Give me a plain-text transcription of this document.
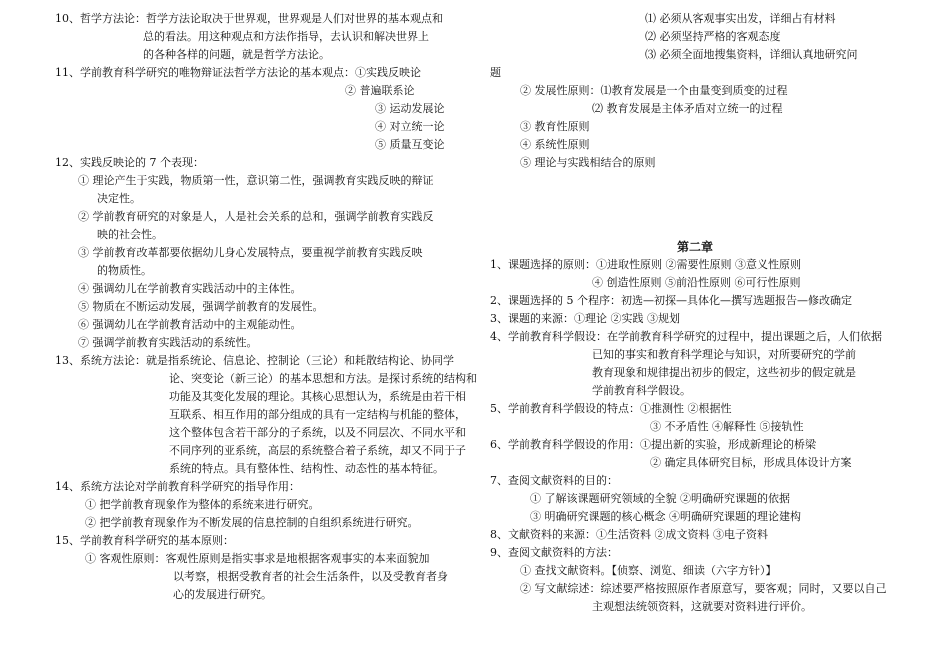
10、哲学方法论：哲学方法论取决于世界观，世界观是人们对世界的基本观点和
总的看法。用这种观点和方法作指导，去认识和解决世界上
的各种各样的问题，就是哲学方法论。
11、学前教育科学研究的唯物辩证法哲学方法论的基本观点：①实践反映论
② 普遍联系论
③ 运动发展论
④ 对立统一论
⑤ 质量互变论
12、实践反映论的 7 个表现：
① 理论产生于实践，物质第一性，意识第二性，强调教育实践反映的辩证
决定性。
② 学前教育研究的对象是人，人是社会关系的总和，强调学前教育实践反
映的社会性。
③ 学前教育改革都要依据幼儿身心发展特点，要重视学前教育实践反映
的物质性。
④ 强调幼儿在学前教育实践活动中的主体性。
⑤ 物质在不断运动发展，强调学前教育的发展性。
⑥ 强调幼儿在学前教育活动中的主观能动性。
⑦ 强调学前教育实践活动的系统性。
13、系统方法论：就是指系统论、信息论、控制论（三论）和耗散结构论、协同学
论、突变论（新三论）的基本思想和方法。是探讨系统的结构和
功能及其变化发展的理论。其核心思想认为，系统是由若干相
互联系、相互作用的部分组成的具有一定结构与机能的整体，
这个整体包含若干部分的子系统，以及不同层次、不同水平和
不同序列的亚系统，高层的系统整合着子系统，却又不同于子
系统的特点。具有整体性、结构性、动态性的基本特征。
14、系统方法论对学前教育科学研究的指导作用：
① 把学前教育现象作为整体的系统来进行研究。
② 把学前教育现象作为不断发展的信息控制的自组织系统进行研究。
15、学前教育科学研究的基本原则：
① 客观性原则：客观性原则是指实事求是地根据客观事实的本来面貌加
以考察，根据受教育者的社会生活条件，以及受教育者身
心的发展进行研究。
⑴ 必须从客观事实出发，详细占有材料
⑵ 必须坚持严格的客观态度
⑶ 必须全面地搜集资料，详细认真地研究问
题
② 发展性原则：⑴教育发展是一个由量变到质变的过程
⑵ 教育发展是主体矛盾对立统一的过程
③ 教育性原则
④ 系统性原则
⑤ 理论与实践相结合的原则
第二章
1、课题选择的原则：①进取性原则 ②需要性原则 ③意义性原则
④ 创造性原则 ⑤前沿性原则 ⑥可行性原则
2、课题选择的 5 个程序：初选—初探—具体化—撰写选题报告—修改确定
3、课题的来源：①理论 ②实践 ③规划
4、学前教育科学假设：在学前教育科学研究的过程中，提出课题之后，人们依据
已知的事实和教育科学理论与知识，对所要研究的学前
教育现象和规律提出初步的假定，这些初步的假定就是
学前教育科学假设。
5、学前教育科学假设的特点：①推测性 ②根据性
③ 不矛盾性 ④解释性 ⑤接轨性
6、学前教育科学假设的作用：①提出新的实验，形成新理论的桥梁
② 确定具体研究目标，形成具体设计方案
7、查阅文献资料的目的：
① 了解该课题研究领域的全貌 ②明确研究课题的依据
③ 明确研究课题的核心概念 ④明确研究课题的理论建构
8、文献资料的来源：①生活资料 ②成文资料 ③电子资料
9、查阅文献资料的方法：
① 查找文献资料。【侦察、浏览、细读（六字方针）】
② 写文献综述：综述要严格按照原作者原意写，要客观；同时，又要以自己
主观想法统领资料，这就要对资料进行评价。
